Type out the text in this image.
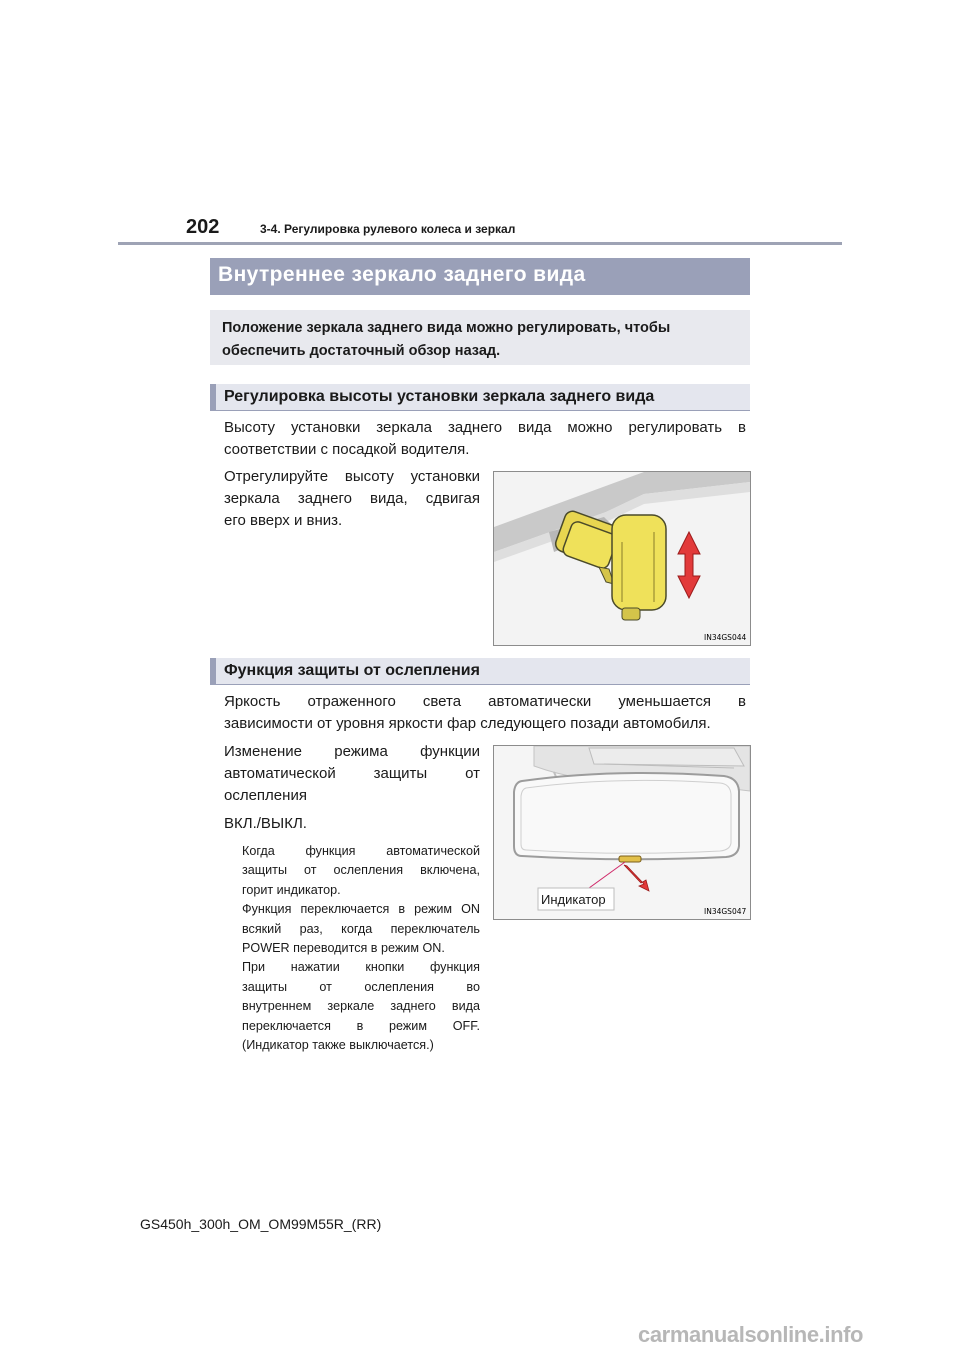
202	3-4. Регулировка рулевого колеса и зеркал
Внутреннее зеркало заднего вида
Положение зеркала заднего вида можно регулировать, чтобы
обеспечить достаточный обзор назад.
Регулировка высоты установки зеркала заднего вида
Высоту установки зеркала заднего вида можно регулировать в
соответствии с посадкой водителя.
Отрегулируйте высоту установки
зеркала заднего вида, сдвигая
его вверх и вниз.
IN34GS044
Функция защиты от ослепления
Яркость отраженного света автоматически уменьшается в
зависимости от уровня яркости фар следующего позади автомобиля.
Изменение режима функции
автоматической защиты от
ослепления
ВКЛ./ВЫКЛ.
Когда функция автоматической
защиты от ослепления включена,
горит индикатор.
Функция переключается в режим ON
всякий раз, когда переключатель
POWER переводится в режим ON.
При нажатии кнопки функция
защиты от ослепления во
внутреннем зеркале заднего вида
переключается в режим OFF.
(Индикатор также выключается.)
Индикатор
IN34GS047
GS450h_300h_OM_OM99M55R_(RR)
carmanualsonline.info
